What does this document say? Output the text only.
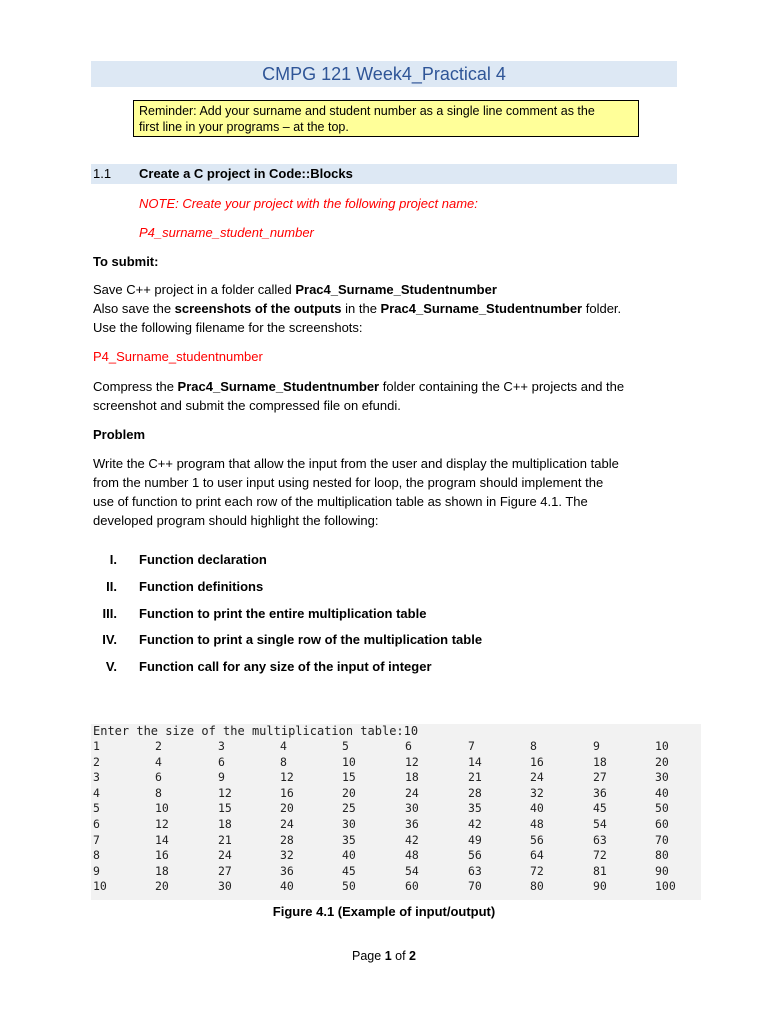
CMPG 121 Week4_Practical 4
Reminder: Add your surname and student number as a single line comment as the
first line in your programs – at the top.
1.1 Create a C project in Code::Blocks
NOTE: Create your project with the following project name:
P4_surname_student_number
To submit:
Save C++ project in a folder called Prac4_Surname_Studentnumber
Also save the screenshots of the outputs in the Prac4_Surname_Studentnumber folder.
Use the following filename for the screenshots:
P4_Surname_studentnumber
Compress the Prac4_Surname_Studentnumber folder containing the C++ projects and the
screenshot and submit the compressed file on efundi.
Problem
Write the C++ program that allow the input from the user and display the multiplication table
from the number 1 to user input using nested for loop, the program should implement the
use of function to print each row of the multiplication table as shown in Figure 4.1. The
developed program should highlight the following:
I. Function declaration
II. Function definitions
III. Function to print the entire multiplication table
IV. Function to print a single row of the multiplication table
V. Function call for any size of the input of integer
Enter the size of the multiplication table:10
1	2	3	4	5	6	7	8	9	10
2	4	6	8	10	12	14	16	18	20
3	6	9	12	15	18	21	24	27	30
4	8	12	16	20	24	28	32	36	40
5	10	15	20	25	30	35	40	45	50
6	12	18	24	30	36	42	48	54	60
7	14	21	28	35	42	49	56	63	70
8	16	24	32	40	48	56	64	72	80
9	18	27	36	45	54	63	72	81	90
10	20	30	40	50	60	70	80	90	100
Figure 4.1 (Example of input/output)
Page 1 of 2
